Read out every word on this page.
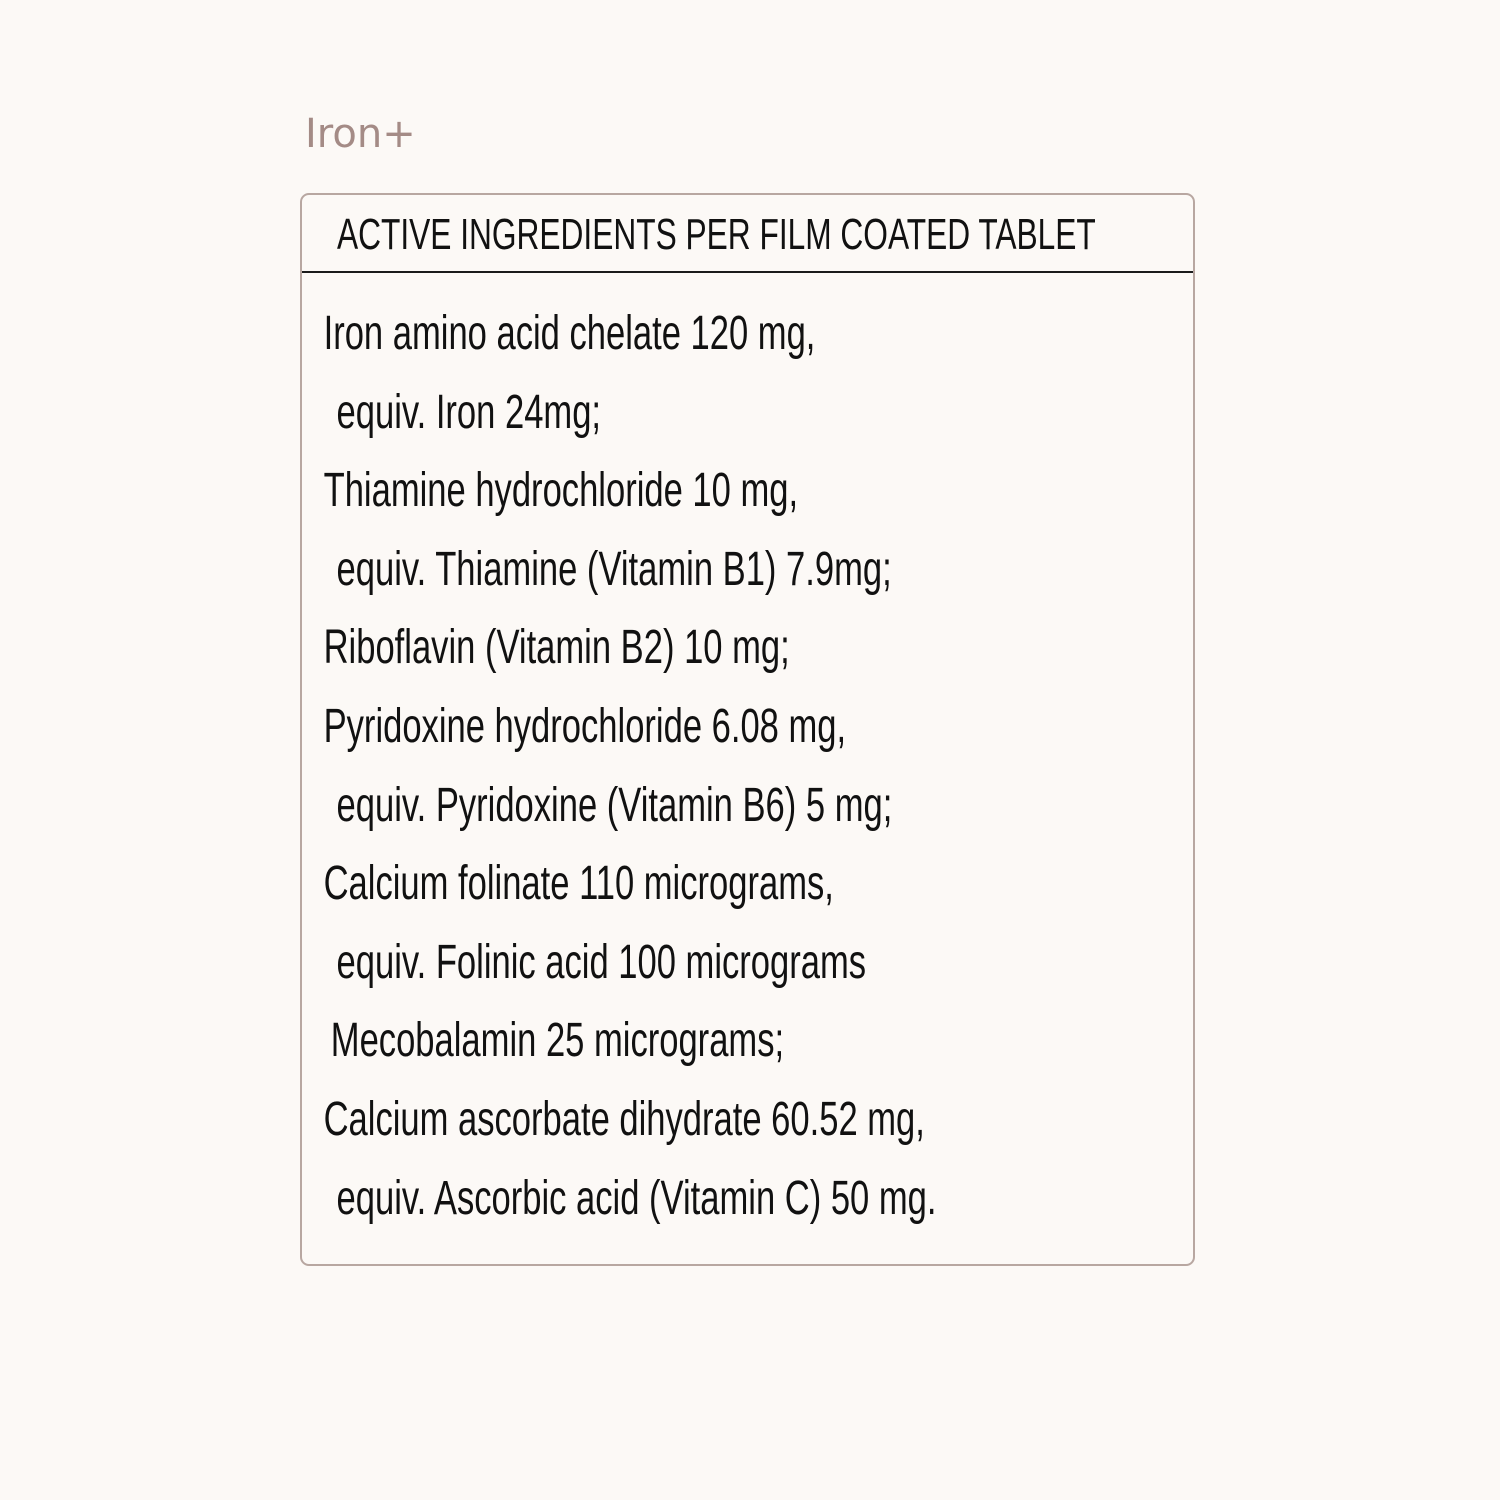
Iron+
ACTIVE INGREDIENTS PER FILM COATED TABLET
Iron amino acid chelate 120 mg,
equiv. Iron 24mg;
Thiamine hydrochloride 10 mg,
equiv. Thiamine (Vitamin B1) 7.9mg;
Riboflavin (Vitamin B2) 10 mg;
Pyridoxine hydrochloride 6.08 mg,
equiv. Pyridoxine (Vitamin B6) 5 mg;
Calcium folinate 110 micrograms,
equiv. Folinic acid 100 micrograms
Mecobalamin 25 micrograms;
Calcium ascorbate dihydrate 60.52 mg,
equiv. Ascorbic acid (Vitamin C) 50 mg.
